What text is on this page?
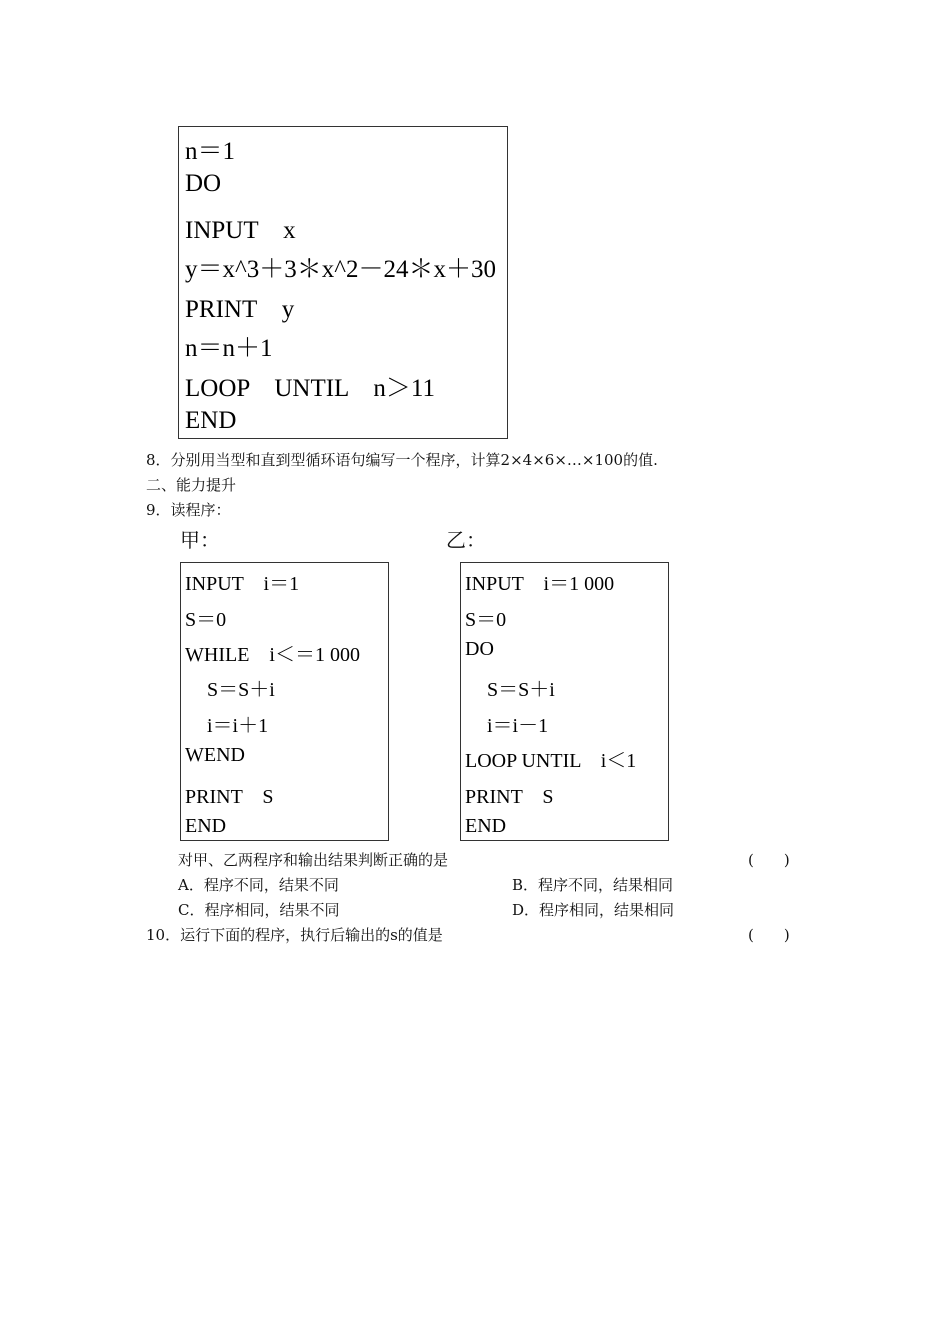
n＝1
DO
INPUT　x
y＝x^3＋3＊x^2－24＊x＋30
PRINT　y
n＝n＋1
LOOP　UNTIL　n＞11
END
8．分别用当型和直到型循环语句编写一个程序，计算2×4×6×…×100的值.
二、能力提升
9．读程序：
甲：	乙：
INPUT　i＝1
S＝0
WHILE　i＜＝1 000
S＝S＋i
i＝i＋1
WEND
PRINT　S
END
INPUT　i＝1 000
S＝0
DO
S＝S＋i
i＝i－1
LOOP UNTIL　i＜1
PRINT　S
END
对甲、乙两程序和输出结果判断正确的是	(　　)
A．程序不同，结果不同	B．程序不同，结果相同
C．程序相同，结果不同	D．程序相同，结果相同
10．运行下面的程序，执行后输出的s的值是	(　　)
